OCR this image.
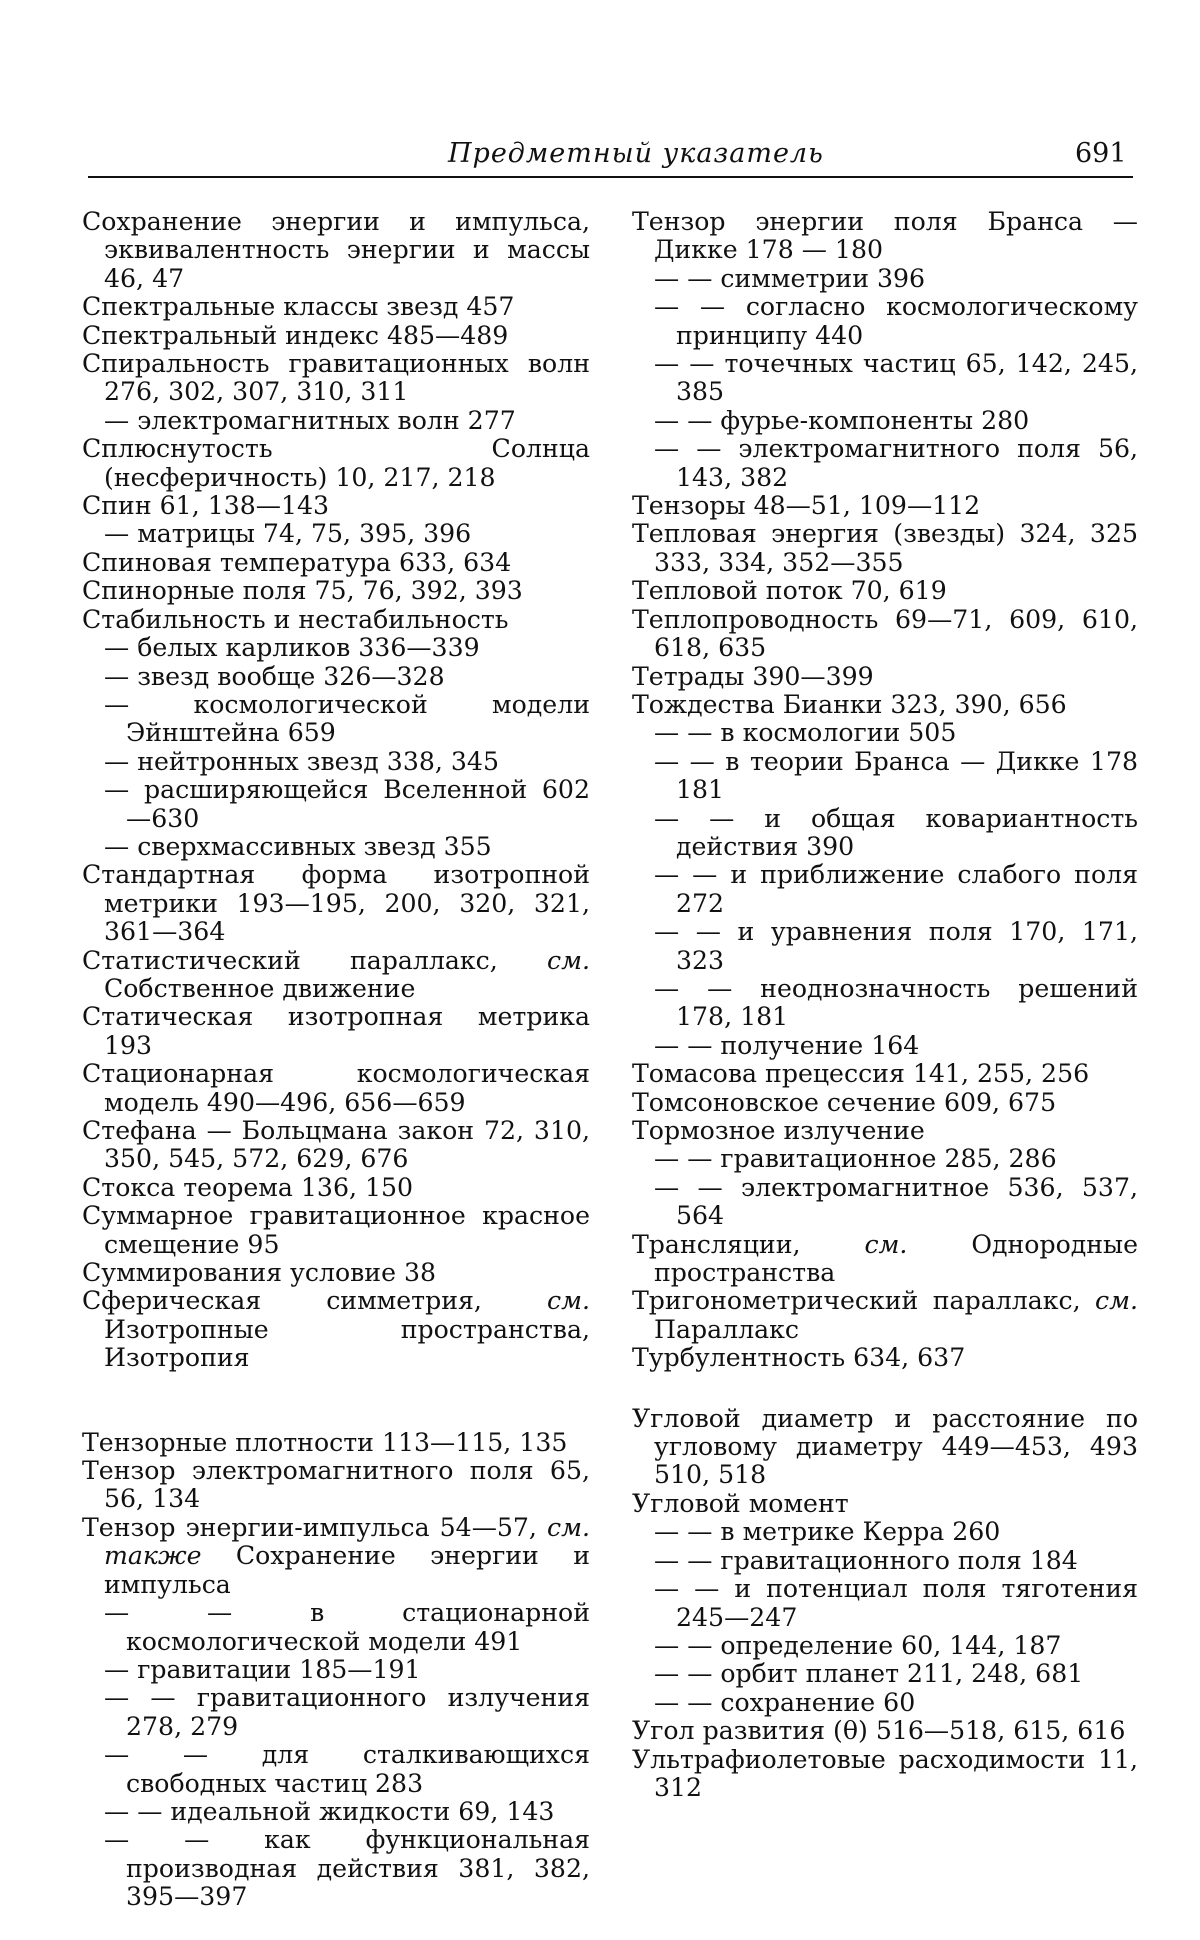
Предметный указатель	691
Сохранение энергии и импульса, эквивалентность энергии и массы 46, 47
Спектральные классы звезд 457
Спектральный индекс 485—489
Спиральность гравитационных волн 276, 302, 307, 310, 311
— электромагнитных волн 277
Сплюснутость Солнца (несферичность) 10, 217, 218
Спин 61, 138—143
— матрицы 74, 75, 395, 396
Спиновая температура 633, 634
Спинорные поля 75, 76, 392, 393
Стабильность и нестабильность
— белых карликов 336—339
— звезд вообще 326—328
— космологической модели Эйнштейна 659
— нейтронных звезд 338, 345
— расширяющейся Вселенной 602—630
— сверхмассивных звезд 355
Стандартная форма изотропной метрики 193—195, 200, 320, 321, 361—364
Статистический параллакс, см. Собственное движение
Статическая изотропная метрика 193
Стационарная космологическая модель 490—496, 656—659
Стефана — Больцмана закон 72, 310, 350, 545, 572, 629, 676
Стокса теорема 136, 150
Суммарное гравитационное красное смещение 95
Суммирования условие 38
Сферическая симметрия, см. Изотропные пространства, Изотропия
Тензорные плотности 113—115, 135
Тензор электромагнитного поля 65, 56, 134
Тензор энергии-импульса 54—57, см. также Сохранение энергии и импульса
— — в стационарной космологической модели 491
— гравитации 185—191
— — гравитационного излучения 278, 279
— — для сталкивающихся свободных частиц 283
— — идеальной жидкости 69, 143
— — как функциональная производная действия 381, 382, 395—397
Тензор энергии поля Бранса — Дикке 178 — 180
— — симметрии 396
— — согласно космологическому принципу 440
— — точечных частиц 65, 142, 245, 385
— — фурье-компоненты 280
— — электромагнитного поля 56, 143, 382
Тензоры 48—51, 109—112
Тепловая энергия (звезды) 324, 325 333, 334, 352—355
Тепловой поток 70, 619
Теплопроводность 69—71, 609, 610, 618, 635
Тетрады 390—399
Тождества Бианки 323, 390, 656
— — в космологии 505
— — в теории Бранса — Дикке 178 181
— — и общая ковариантность действия 390
— — и приближение слабого поля 272
— — и уравнения поля 170, 171, 323
— — неоднозначность решений 178, 181
— — получение 164
Томасова прецессия 141, 255, 256
Томсоновское сечение 609, 675
Тормозное излучение
— — гравитационное 285, 286
— — электромагнитное 536, 537, 564
Трансляции, см. Однородные пространства
Тригонометрический параллакс, см. Параллакс
Турбулентность 634, 637
Угловой диаметр и расстояние по угловому диаметру 449—453, 493 510, 518
Угловой момент
— — в метрике Керра 260
— — гравитационного поля 184
— — и потенциал поля тяготения 245—247
— — определение 60, 144, 187
— — орбит планет 211, 248, 681
— — сохранение 60
Угол развития (θ) 516—518, 615, 616
Ультрафиолетовые расходимости 11, 312
